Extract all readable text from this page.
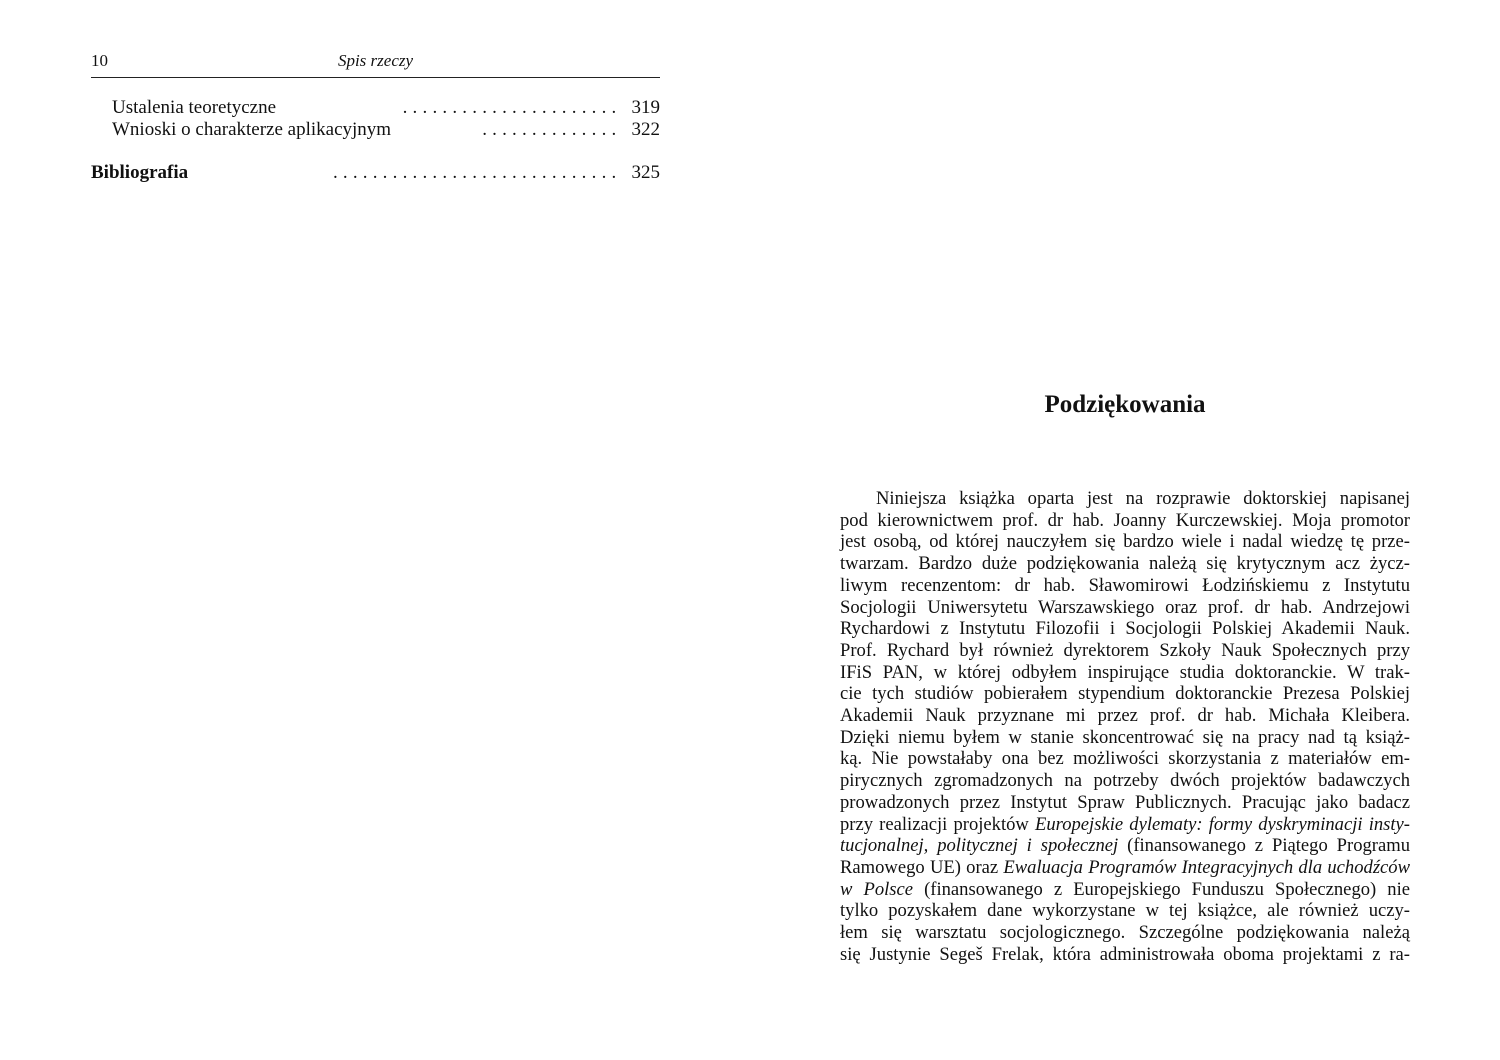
10	Spis rzeczy
Ustalenia teoretyczne	...................... 319
Wnioski o charakterze aplikacyjnym	.............. 322
Bibliografia	............................. 325
Podziękowania
Niniejsza książka oparta jest na rozprawie doktorskiej napisanej
pod kierownictwem prof. dr hab. Joanny Kurczewskiej. Moja promotor
jest osobą, od której nauczyłem się bardzo wiele i nadal wiedzę tę prze-
twarzam. Bardzo duże podziękowania należą się krytycznym acz życz-
liwym recenzentom: dr hab. Sławomirowi Łodzińskiemu z Instytutu
Socjologii Uniwersytetu Warszawskiego oraz prof. dr hab. Andrzejowi
Rychardowi z Instytutu Filozofii i Socjologii Polskiej Akademii Nauk.
Prof. Rychard był również dyrektorem Szkoły Nauk Społecznych przy
IFiS PAN, w której odbyłem inspirujące studia doktoranckie. W trak-
cie tych studiów pobierałem stypendium doktoranckie Prezesa Polskiej
Akademii Nauk przyznane mi przez prof. dr hab. Michała Kleibera.
Dzięki niemu byłem w stanie skoncentrować się na pracy nad tą książ-
ką. Nie powstałaby ona bez możliwości skorzystania z materiałów em-
pirycznych zgromadzonych na potrzeby dwóch projektów badawczych
prowadzonych przez Instytut Spraw Publicznych. Pracując jako badacz
przy realizacji projektów Europejskie dylematy: formy dyskryminacji insty-
tucjonalnej, politycznej i społecznej (finansowanego z Piątego Programu
Ramowego UE) oraz Ewaluacja Programów Integracyjnych dla uchodźców
w Polsce (finansowanego z Europejskiego Funduszu Społecznego) nie
tylko pozyskałem dane wykorzystane w tej książce, ale również uczy-
łem się warsztatu socjologicznego. Szczególne podziękowania należą
się Justynie Segeš Frelak, która administrowała oboma projektami z ra-
